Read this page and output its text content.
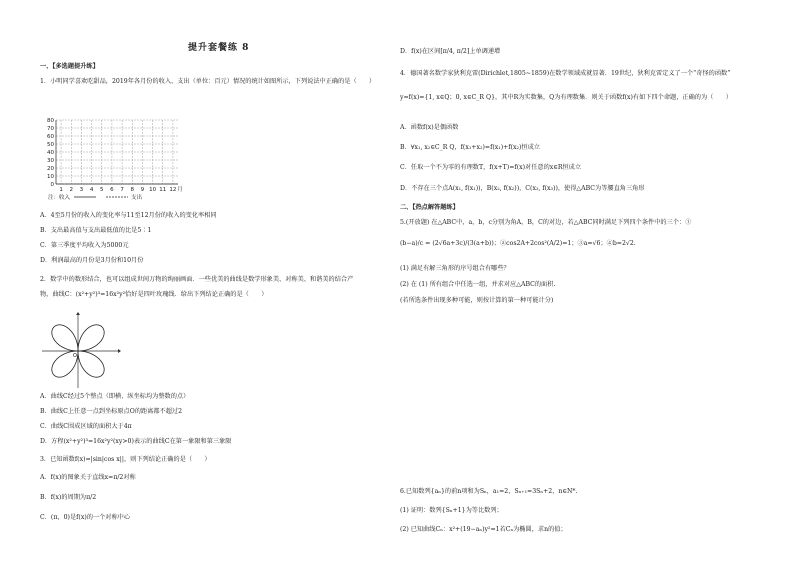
提升套餐练 8
一、【多选题提升练】
1．小明同学喜欢吃甜品，2019年各月份的收入、支出（单位：百元）情况的统计如图所示，下列说法中正确的是（　　）
80
70
60
50
40
30
20
10
0
1 2 3 4 5 6 7 8 9 10 11 12 月
注：收入	支出
A．4至5月份的收入的变化率与11至12月份的收入的变化率相同
B．支出最高值与支出最低值的比是5∶1
C．第三季度平均收入为5000元
D．利润最高的月份是3月份和10月份
2．数学中的数形结合，也可以组成世间万物的绚丽画面．一些优美的曲线是数学形象美、对称美、和谐美的结合产
物，曲线C：(x²+y²)³=16x²y²恰好是四叶玫瑰线．给出下列结论正确的是（　　）
O
A．曲线C经过5个整点（即横、纵坐标均为整数的点）
B．曲线C上任意一点到坐标原点O的距离都不超过2
C．曲线C围成区域的面积大于4π
D．方程(x²+y²)³=16x²y²(xy>0)表示的曲线C在第一象限和第三象限
3．已知函数f(x)=|sin|cos x||，则下列结论正确的是（　　）
A．f(x)的图象关于直线x=π/2对称
B．f(x)的周期为π/2
C．(π，0)是f(x)的一个对称中心
D．f(x)在区间[π/4, π/2]上单调递增
4．德国著名数学家狄利克雷(Dirichlet,1805~1859)在数学领域成就显著．19世纪，狄利克雷定义了一个“奇怪的函数”
y=f(x)={1, x∈Q；0, x∈C_R Q}，其中R为实数集，Q为有理数集．则关于函数f(x)有如下四个命题，正确的为（　　）
A．函数f(x)是偶函数
B．∀x₁, x₂∈C_R Q，f(x₁+x₂)=f(x₁)+f(x₂)恒成立
C．任取一个不为零的有理数T，f(x+T)=f(x)对任意的x∈R恒成立
D．不存在三个点A(x₁, f(x₁))，B(x₂, f(x₂))，C(x₃, f(x₃))，使得△ABC为等腰直角三角形
二、【热点解答题练】
5.(开放题) 在△ABC中，a，b，c分别为角A，B，C的对边，若△ABC同时满足下列四个条件中的三个：①
(b−a)/c = (2√6a+3c)/(3(a+b))；②cos2A+2cos²(A/2)=1；③a=√6；④b=2√2.
(1) 满足有解三角形的序号组合有哪些？
(2) 在 (1) 所有组合中任选一组，并求对应△ABC的面积.
(若所选条件出现多种可能，则按计算的第一种可能计分)
6.已知数列{aₙ}的前n项和为Sₙ，a₁=2，Sₙ₊₁=3Sₙ+2，n∈N*.
(1) 证明：数列{Sₙ+1}为等比数列；
(2) 已知曲线Cₙ：x²+(19−aₙ)y²=1若Cₙ为椭圆，求n的值；
